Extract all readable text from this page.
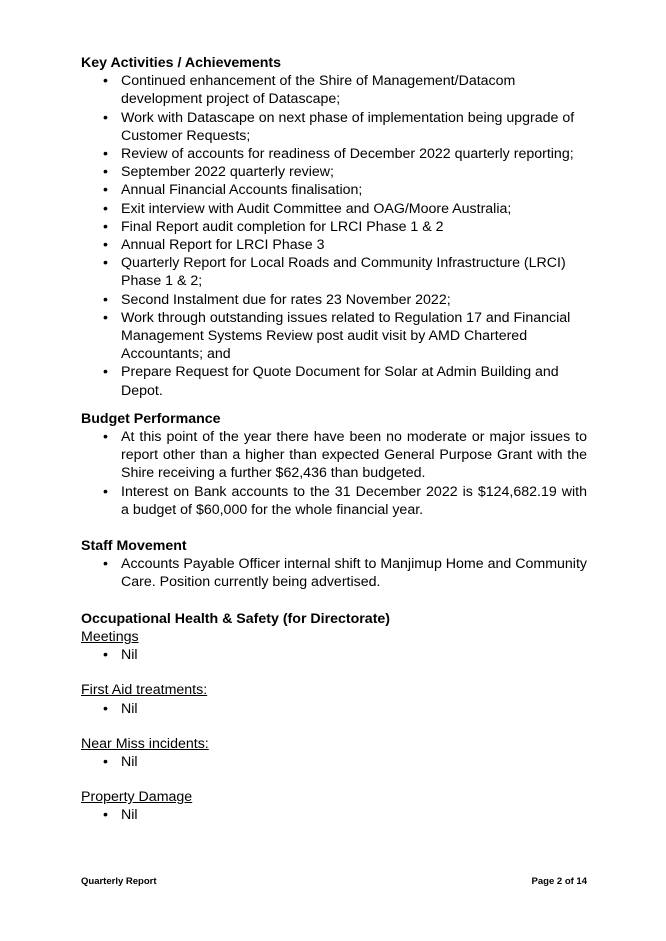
Key Activities / Achievements
• Continued enhancement of the Shire of Management/Datacom development project of Datascape;
• Work with Datascape on next phase of implementation being upgrade of Customer Requests;
• Review of accounts for readiness of December 2022 quarterly reporting;
• September 2022 quarterly review;
• Annual Financial Accounts finalisation;
• Exit interview with Audit Committee and OAG/Moore Australia;
• Final Report audit completion for LRCI Phase 1 & 2
• Annual Report for LRCI Phase 3
• Quarterly Report for Local Roads and Community Infrastructure (LRCI) Phase 1 & 2;
• Second Instalment due for rates 23 November 2022;
• Work through outstanding issues related to Regulation 17 and Financial Management Systems Review post audit visit by AMD Chartered Accountants; and
• Prepare Request for Quote Document for Solar at Admin Building and Depot.
Budget Performance
• At this point of the year there have been no moderate or major issues to report other than a higher than expected General Purpose Grant with the Shire receiving a further $62,436 than budgeted.
• Interest on Bank accounts to the 31 December 2022 is $124,682.19 with a budget of $60,000 for the whole financial year.
Staff Movement
• Accounts Payable Officer internal shift to Manjimup Home and Community Care. Position currently being advertised.
Occupational Health & Safety (for Directorate)

Meetings

• Nil

First Aid treatments:

• Nil

Near Miss incidents:

• Nil

Property Damage

• Nil
Quarterly Report	Page 2 of 14
